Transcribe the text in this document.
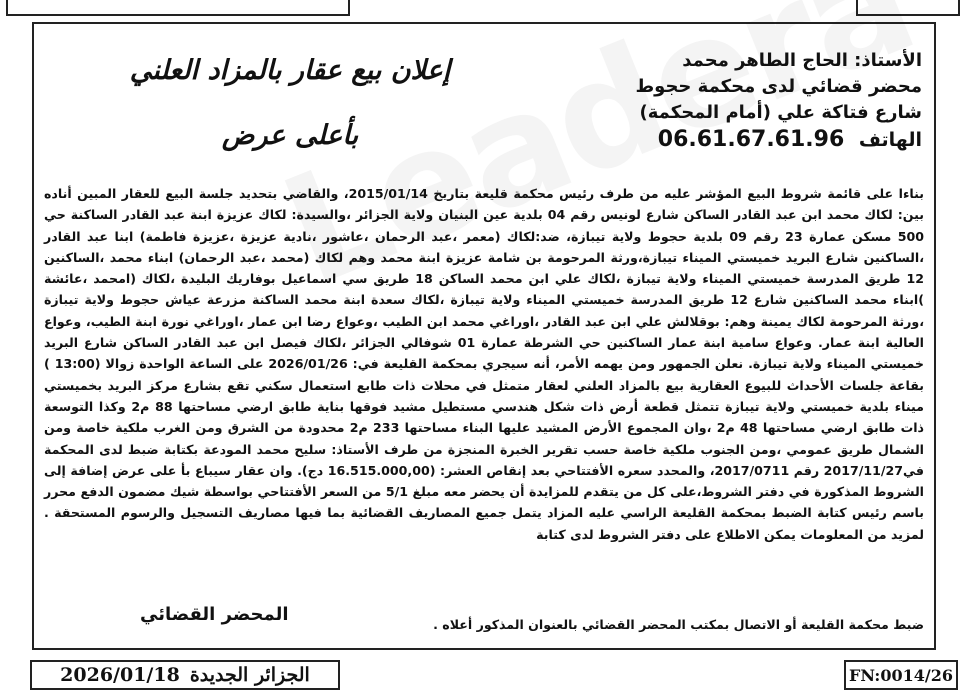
الأستاذ: الحاج الطاهر محمد
محضر قضائي لدى محكمة حجوط
شارع فتاكة علي (أمام المحكمة)
الهاتف 06.61.67.61.96
إعلان بيع عقار بالمزاد العلني
بأعلى عرض
بناءا على قائمة شروط البيع المؤشر عليه من طرف رئيس محكمة قليعة بتاريخ 2015/01/14، والقاضي بتحديد جلسة البيع للعقار المبين أناده بين: لكاك محمد ابن عبد القادر الساكن شارع لونيس رقم 04 بلدية عين البنيان ولاية الجزائر ،والسيدة: لكاك عزيزة ابنة عبد القادر الساكنة حي 500 مسكن عمارة 23 رقم 09 بلدية حجوط ولاية تيبازة، ضد:لكاك (معمر ،عبد الرحمان ،عاشور ،نادية عزيزة ،عزيزة فاطمة) ابنا عبد القادر ،الساكنين شارع البريد خميستي الميناء تيبازة،ورثة المرحومة بن شامة عزيزة ابنة محمد وهم لكاك (محمد ،عبد الرحمان) ابناء محمد ،الساكنين 12 طريق المدرسة خميستي الميناء ولاية تيبازة ،لكاك علي ابن محمد الساكن 18 طريق سي اسماعيل بوفاريك البليدة ،لكاك (امحمد ،عائشة )ابناء محمد الساكنين شارع 12 طريق المدرسة خميستي الميناء ولاية تيبازة ،لكاك سعدة ابنة محمد الساكنة مزرعة عياش حجوط ولاية تيبازة ،ورثة المرحومة لكاك يمينة وهم: بوقلالش علي ابن عبد القادر ،اوراغي محمد ابن الطيب ،وعواع رضا ابن عمار ،اوراغي نورة ابنة الطيب، وعواع العالية ابنة عمار. وعواع سامية ابنة عمار الساكنين حي الشرطة عمارة 01 شوفالي الجزائر ،لكاك فيصل ابن عبد القادر الساكن شارع البريد خميستي الميناء ولاية تيبازة. نعلن الجمهور ومن يهمه الأمر، أنه سيجري بمحكمة القليعة في: 2026/01/26 على الساعة الواحدة زوالا (13:00 ) بقاعة جلسات الأحداث للبيوع العقارية بيع بالمزاد العلني لعقار متمثل في محلات ذات طابع استعمال سكني تقع بشارع مركز البريد بخميستي ميناء بلدية خميستي ولاية تيبازة تتمثل قطعة أرض ذات شكل هندسي مستطيل مشيد فوقها بناية طابق ارضي مساحتها 88 م2 وكذا التوسعة ذات طابق ارضي مساحتها 48 م2 ،وان المجموع الأرض المشيد عليها البناء مساحتها 233 م2 محدودة من الشرق ومن الغرب ملكية خاصة ومن الشمال طريق عمومي ،ومن الجنوب ملكية خاصة حسب تقرير الخبرة المنجزة من طرف الأستاذ: سليح محمد المودعة بكتابة ضبط لدى المحكمة في2017/11/27 رقم 2017/0711، والمحدد سعره الأفتتاحي بعد إنقاص العشر: (16.515.000,00 دج). وان عقار سيباع بأ على عرض إضافة إلى الشروط المذكورة في دفتر الشروط،على كل من يتقدم للمزايدة أن يحضر معه مبلغ 5/1 من السعر الأفتتاحي بواسطة شيك مضمون الدفع محرر باسم رئيس كتابة الضبط بمحكمة القليعة الراسي عليه المزاد يتمل جميع المصاريف القضائية بما فيها مصاريف التسجيل والرسوم المستحقة . لمزيد من المعلومات يمكن الاطلاع على دفتر الشروط لدى كتابة
ضبط محكمة القليعة أو الاتصال بمكتب المحضر القضائي بالعنوان المذكور أعلاه .
المحضر القضائي
2026/01/18 الجزائر الجديدة	FN:0014/26
